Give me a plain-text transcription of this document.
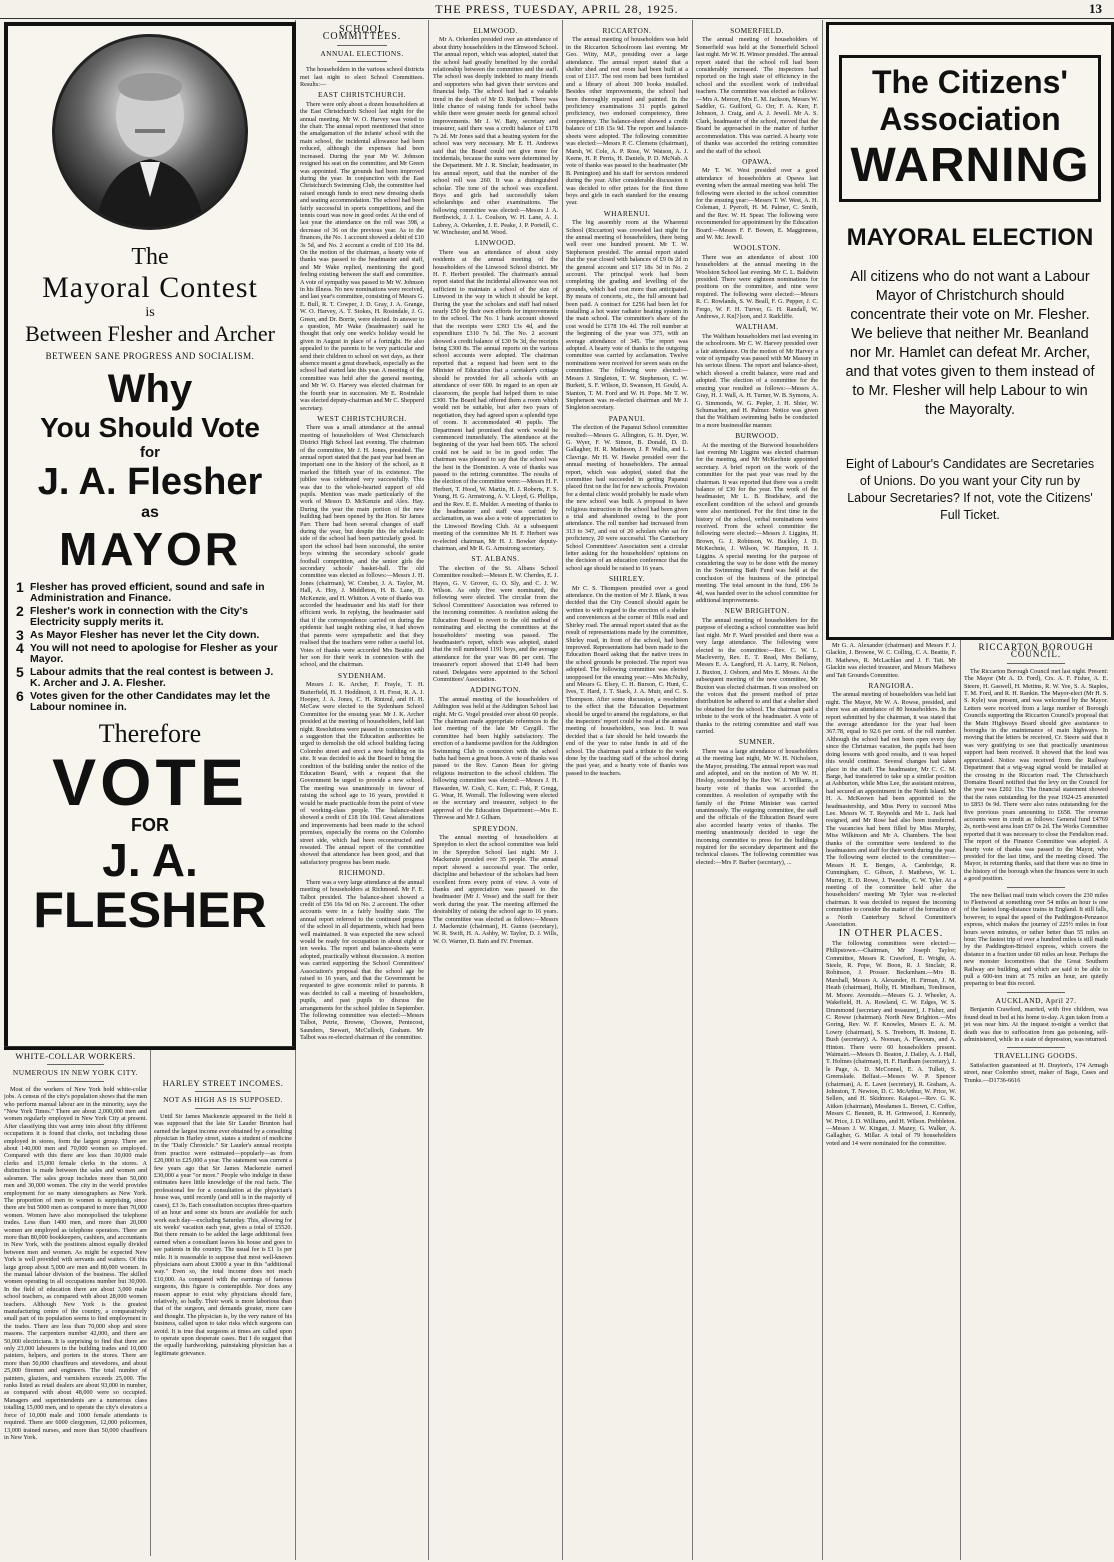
THE PRESS, TUESDAY, APRIL 28, 1925.	13
The
Mayoral Contest
is
Between Flesher and Archer
BETWEEN SANE PROGRESS AND SOCIALISM.
Why
You Should Vote
for
J. A. Flesher
as
MAYOR
1 Flesher has proved efficient, sound and safe in Administration and Finance.
2 Flesher's work in connection with the City's Electricity supply merits it.
3 As Mayor Flesher has never let the City down.
4 You will not need to apologise for Flesher as your Mayor.
5 Labour admits that the real contest is between J. K. Archer and J. A. Flesher.
6 Votes given for the other Candidates may let the Labour nominee in.
Therefore
VOTE
FOR
J. A.
FLESHER
The Citizens'
Association
WARNING
MAYORAL ELECTION
All citizens who do not want a Labour Mayor of Christchurch should concentrate their vote on Mr. Flesher. We believe that neither Mr. Beanland nor Mr. Hamlet can defeat Mr. Archer, and that votes given to them instead of to Mr. Flesher will help Labour to win the Mayoralty.
Eight of Labour's Candidates are Secretaries of Unions. Do you want your City run by Labour Secretaries? If not, vote the Citizens' Full Ticket.
SCHOOL COMMITTEES.
ANNUAL ELECTIONS.

The householders in the various school districts met last night to elect School Committees. Results:—

EAST CHRISTCHURCH.

There were only about a dozen householders at the East Christchurch School last night for the annual meeting. Mr W. O. Harvey was voted to the chair. The annual report mentioned that since the amalgamation of the infants' school with the main school, the incidental allowance had been reduced, although the expenses had been increased. During the year Mr W. Johnson resigned his seat on the committee, and Mr Green was appointed. The grounds had been improved during the year. In conjunction with the East Christchurch Swimming Club, the committee had raised enough funds to erect new dressing sheds and seating accommodation. The school had been fairly successful in sports competitions, and the tennis court was now in good order. At the end of last year the attendance on the roll was 398, a decrease of 36 on the previous year. As to the finances, the No. 1 account showed a debit of £10 3s 5d, and No. 2 account a credit of £10 16s 8d. On the motion of the chairman, a hearty vote of thanks was passed to the headmaster and staff, and Mr Wake replied, mentioning the good feeling existing between the staff and committee. A vote of sympathy was passed to Mr W. Johnson in his illness. No new nominations were received, and last year's committee, consisting of Messrs G. E. Bull, R. T. Cowper, J. D. Gray, J. A. Grange, W. O. Harvey, A. T. Stokes, H. Rosindale, J. G. Green, and Dr. Borrie, were elected. In answer to a question, Mr Wake (headmaster) said he thought that only one week's holiday would be given in August in place of a fortnight. He also appealed to the parents to be very particular and send their children to school on wet days, as their absence meant a great drawback, especially as the school had started late this year. A meeting of the committee was held after the general meeting, and Mr W. O. Harvey was elected chairman for the fourth year in succession. Mr E. Rosindale was elected deputy-chairman and Mr C. Shepperd secretary.

WEST CHRISTCHURCH.

There was a small attendance at the annual meeting of householders of West Christchurch District High School last evening. The chairman of the committee, Mr J. H. Jones, presided. The annual report stated that the past year had been an important one in the history of the school, as it marked the fiftieth year of its existence. The jubilee was celebrated very successfully. This was due to the whole-hearted support of old pupils. Mention was made particularly of the work of Messrs D. McKenzie and Alex. Hay. During the year the main portion of the new building had been opened by the Hon. Sir James Parr. There had been several changes of staff during the year, but despite this the scholastic side of the school had been particularly good. In sport the school had been successful, the senior boys winning the secondary schools' grade football competition, and the senior girls the secondary schools' basket-ball. The old committee was elected as follows:—Messrs J. H. Jones (chairman), W. Comber, J. A. Taylor, M. Hall, A. Hoy, J. Middleton, H. B. Lane, D. McKenzie, and H. Whitton. A vote of thanks was accorded the headmaster and his staff for their efficient work. In replying, the headmaster said that if the correspondence carried on during the epidemic had taught nothing else, it had shown that parents were sympathetic and that they realised that the teachers were rather a useful lot. Votes of thanks were accorded Mrs Beattie and her son for their work in connexion with the school, and the chairman.

SYDENHAM.

Messrs J. K. Archer, F. Frayle, T. H. Butterfield, H. J. Hoddinott, J. H. Frost, R. A. J. Hooper, J. A. Jones, C. H. Rintoul, and H. H. McCaw were elected to the Sydenham School Committee for the ensuing year. Mr J. K. Archer presided at the meeting of householders, held last night. Resolutions were passed in connexion with a suggestion that the Education authorities be urged to demolish the old school building facing Colombo street and erect a new building on its site. It was decided to ask the Board to bring the condition of the building under the notice of the Education Board, with a request that the Government be urged to provide a new school. The meeting was unanimously in favour of raising the school age to 16 years, provided it would be made practicable from the point of view of working-class people. The balance-sheet showed a credit of £18 10s 10d. Great alterations and improvements had been made to the school premises, especially the rooms on the Colombo street side, which had been reconstructed and reseated. The annual report of the committee showed that attendance has been good, and that satisfactory progress has been made.

RICHMOND.

There was a very large attendance at the annual meeting of householders at Richmond. Mr F. E. Talbot presided. The balance-sheet showed a credit of £56 16s 9d on No. 2 account. The other accounts were in a fairly healthy state. The annual report referred to the continued progress of the school in all departments, which had been well maintained. It was expected the new school would be ready for occupation in about eight or ten weeks. The report and balance-sheets were adopted, practically without discussion. A motion was carried supporting the School Committees' Association's proposal that the school age be raised to 16 years, and that the Government be requested to give economic relief to parents. It was decided to call a meeting of householders, pupils, and past pupils to discuss the arrangements for the school jubilee in September. The following committee was elected:—Messrs Talbot, Petrie, Browne, Chowen, Pentecost, Saunders, Stewart, McCulloch, Graham. Mr Talbot was re-elected chairman of the committee.

ELMWOOD.

Mr A. Orkerden presided over an attendance of about thirty householders in the Elmwood School. The annual report, which was adopted, stated that the school had greatly benefited by the cordial relationship between the committee and the staff. The school was deeply indebted to many friends and supporters who had given their services and financial help. The school had had a valuable trend in the death of Mr D. Redpath. There was little chance of raising funds for school baths while there were greater needs for general school improvements. Mr J. W. Baty, secretary and treasurer, said there was a credit balance of £178 7s 2d. Mr Jones said that a heating system for the school was very necessary. Mr E. H. Andrews said that the Board could not give more for incidentals, because the sums were determined by the Department. Mr J. R. Sinclair, headmaster, in his annual report, said that the number of the school roll was 260. It was a distinguished scholar. The tone of the school was excellent. Boys and girls had successfully taken scholarships and other examinations. The following committee was elected:—Messrs J. A. Borthwick, J. J. L. Coulson, W. H. Lane, A. J. Lubrey, A. Orkerden, J. E. Peake, J. P. Porteill, C. W. Winchester, and M. Wood.

LINWOOD.

There was an attendance of about sixty residents at the annual meeting of the householders of the Linwood School district. Mr H. F. Herbert presided. The chairman's annual report stated that the incidental allowance was not sufficient to maintain a school of the size of Linwood in the way in which it should be kept. During the year the scholars and staff had raised nearly £50 by their own efforts for improvements to the school. The No. 1 bank account showed that the receipts were £393 13s 4d, and the expenditure £310 7s 5d. The No. 2 account showed a credit balance of £30 9s 3d, the receipts being £300 8s. The annual reports on the various school accounts were adopted. The chairman reported that a request had been sent to the Minister of Education that a caretaker's cottage should be provided for all schools with an attendance of over 600. In regard to an open air classroom, the people had helped them to raise £300. The Board had offered them a room which would not be suitable, but after two years of negotiation, they had agreed upon a splendid type of room. It accommodated 40 pupils. The Department had promised that work would be commenced immediately. The attendance at the beginning of the year had been 605. The school could not be said to be in good order. The chairman was pleased to say that the school was the best in the Dominion. A vote of thanks was passed to the retiring committee. The results of the election of the committee were:—Messrs H. F. Herbert, T. Hood, W. Martin, H. J. Roberts, F. S. Young, H. G. Armstrong, A. V. Lloyd, G. Phillips, and the Rev. E. E. Mulder. A meeting of thanks to the headmaster and staff was carried by acclamation, as was also a vote of appreciation to the Linwood Bowling Club. At a subsequent meeting of the committee Mr H. F. Herbert was re-elected chairman, Mr H. J. Bowker deputy-chairman, and Mr R. G. Armstrong secretary.

ST. ALBANS.

The election of the St. Albans School Committee resulted:—Messrs E. W. Cherdes, E. J. Hayes, G. V. Grover, G. O. Sly, and C. J. W. Wilson. As only five were nominated, the following were elected. The circular from the School Committees' Association was referred to the incoming committee. A resolution asking the Education Board to revert to the old method of nominating and electing the committees at the householders' meeting was passed. The headmaster's report, which was adopted, stated that the roll numbered 1191 boys, and the average attendance for the year was 86 per cent. The treasurer's report showed that £149 had been raised. Delegates were appointed to the School Committees' Association.

ADDINGTON.

The annual meeting of the householders of Addington was held at the Addington School last night. Mr G. Vogel presided over about 60 people. The chairman made appropriate references to the last meeting of the late Mr Caygill. The committee had been highly satisfactory. The erection of a handsome pavilion for the Addington Swimming Club in connexion with the school baths had been a great boon. A vote of thanks was passed to the Rev. Canon Bean for giving religious instruction to the school children. The following committee was elected:—Messrs J. H. Hawarden, W. Cosh, C. Kerr, C. Fisk, P. Gregg, G. Wear, H. Worrall. The following were elected as the secretary and treasurer, subject to the approval of the Education Department:—Mrs E. Throwse and Mr J. Gilham.

SPREYDON.

The annual meeting of householders at Spreydon to elect the school committee was held in the Spreydon School last night. Mr J. Mackenzie presided over 35 people. The annual report showed a successful year. The order, discipline and behaviour of the scholars had been excellent from every point of view. A vote of thanks and appreciation was passed to the headmaster (Mr J. Vosse) and the staff for their work during the year. The meeting affirmed the desirability of raising the school age to 16 years. The committee was elected as follows:—Messrs J. Mackenzie (chairman), H. Gunns (secretary), W. R. Swift, H. A. Ashby, W. Taylor, D. J. Wills, W. O. Warner, D. Bain and IV. Freeman.

RICCARTON.

The annual meeting of householders was held in the Riccarton Schoolroom last evening. Mr Geo. Witty, M.P., presiding over a large attendance. The annual report stated that a shelter shed and rest room had been built at a cost of £117. The rest room had been furnished and a library of about 300 books installed. Besides other improvements, the school had been thoroughly repaired and painted. In the proficiency examinations 31 pupils gained proficiency, two endorsed competency, three competency. The balance-sheet showed a credit balance of £18 15s 9d. The report and balance-sheets were adopted. The following committee was elected:—Messrs P. C. Clemens (chairman), Marsh, W. Cole, A. P. Rose, W. Watson, A. J. Keene, H. P. Perris, H. Daniels, P. D. McNab. A vote of thanks was passed to the headmaster (Mr B. Penington) and his staff for services rendered during the year. After considerable discussion it was decided to offer prizes for the first three boys and girls in each standard for the ensuing year.

WHARENUI.

The big assembly room at the Wharenui School (Riccarton) was crowded last night for the annual meeting of householders, there being well over one hundred present. Mr T. W. Stephenson presided. The annual report stated that the year closed with balances of £9 0s 2d in the general account and £17 18s 3d in No. 2 account. The principal work had been completing the grading and levelling of the grounds, which had cost more than anticipated. By means of concerts, etc., the full amount had been paid. A contract for £256 had been let for installing a hot water radiator heating system in the main school. The committee's share of the cost would be £178 10s 4d. The roll number at the beginning of the year was 375, with an average attendance of 345. The report was adopted. A hearty vote of thanks to the outgoing committee was carried by acclamation. Twelve nominations were received for seven seats on the committee. The following were elected:—Messrs J. Singleton, T. W. Stephenson, C. W. Burkett, S. F. Wilson, D. Swanson, H. Gould, A. Stanton, T. M. Ford and W. H. Pope. Mr T. W. Stephenson was re-elected chairman and Mr J. Singleton secretary.

PAPANUI.

The election of the Papanui School committee resulted:—Messrs G. Allington, G. H. Dyer, W. G. Wyer, F. W. Simon, B. Donald, D. D. Gallagher, H. R. Matheson, J. P. Wallis, and L. Clavrige. Mr H. W. Hawke presided over the annual meeting of householders. The annual report, which was adopted, stated that the committee had succeeded in getting Papanui placed first on the list for new schools. Provision for a dental clinic would probably be made when the new school was built. A proposal to have religious instruction in the school had been given a trial and abandoned owing to the poor attendance. The roll number had increased from 313 to 347, and out of 20 scholars who sat for proficiency, 20 were successful. The Canterbury School Committees' Association sent a circular letter asking for the householders' opinions on the decision of an education conference that the school age should be raised to 16 years.

SHIRLEY.

Mr C. S. Thompson presided over a good attendance. On the motion of Mr J. Blank, it was decided that the City Council should again be written to with regard to the erection of a shelter and conveniences at the corner of Hills road and Shirley road. The annual report stated that as the result of representations made by the committee, Shirley road, in front of the school, had been improved. Representations had been made to the Education Board asking that the native trees in the school grounds be protected. The report was adopted. The following committee was elected unopposed for the ensuing year:—Mrs McNulty, and Messrs G. Elsey, C. H. Burson, C. Hunt, C. Ives, T. Hard, J. T. Stack, J. A. Muir, and C. S. Thompson. After some discussion, a resolution to the effect that the Education Department should be urged to amend the regulations, so that the inspectors' report could be read at the annual meeting of householders, was lost. It was decided that a fair should be held towards the end of the year to raise funds in aid of the school. The chairman paid a tribute to the work done by the teaching staff of the school during the past year, and a hearty vote of thanks was passed to the teachers.

SOMERFIELD.

The annual meeting of householders of Somerfield was held at the Somerfield School last night. Mr W. H. Winsor presided. The annual report stated that the school roll had been considerably increased. The inspectors had reported on the high state of efficiency in the school and the excellent work of individual teachers. The committee was elected as follows:—Mrs A. Mercer, Mrs E. M. Jackson, Messrs W. Saddler, G. Guilford, G. Orr, F. A. Kerr, F. Johnson, J. Craig, and A. J. Jewell. Mr A. S. Clark, headmaster of the school, moved that the Board be approached in the matter of further accommodation. This was carried. A hearty vote of thanks was accorded the retiring committee and the staff of the school.

OPAWA.

Mr T. W. West presided over a good attendance of householders at Opawa last evening when the annual meeting was held. The following were elected to the school committee for the ensuing year:—Messrs T. W. West, A. H. Coleman, J. Pyeroft, H. M. Palmer, C. Smith, and the Rev. W. H. Spear. The following were recommended for appointment by the Education Board:—Messrs F. F. Bowen, E. Magginness, and W. Mc. Jewell.

WOOLSTON.

There was an attendance of about 100 householders at the annual meeting in the Woolston School last evening. Mr C. L. Baldwin presided. There were eighteen nominations for positions on the committee, and nine were required. The following were elected:—Messrs R. C. Rowlands, S. W. Beall, F. G. Pepper, J. C. Fergo, W. F. H. Turver, G. H. Randall, W. Andrews, J. Kn[?]son, and J. Radcliffe.

WALTHAM.

The Waltham householders met last evening in the schoolroom. Mr C. W. Harvey presided over a fair attendance. On the motion of Mr Harvey a vote of sympathy was passed with Mr Massey in his serious illness. The report and balance-sheet, which showed a credit balance, were read and adopted. The election of a committee for the ensuing year resulted as follows:—Messrs A. Gray, H. J. Wall, A. H. Turner, W. B. Symons, A. G. Simmonds, W. G. Pepler, J. H. Shier, W. Schumacher, and H. Palmer. Notice was given that the Waltham swimming baths be conducted in a more businesslike manner.

BURWOOD.

At the meeting of the Burwood householders last evening Mr Liggins was elected chairman for the meeting, and Mr McKechnie appointed secretary. A brief report on the work of the committee for the past year was read by the chairman. It was reported that there was a credit balance of £30 for the year. The work of the headmaster, Mr L. B. Bradshaw, and the excellent condition of the school and grounds were also mentioned. For the first time in the history of the school, verbal nominations were received. From the school committee the following were elected:—Messrs J. Liggins, H. Brown, G. J. Robinson, W. Buckley, J. D. McKechnie, J. Wilson, W. Hampton, H. J. Liggins. A special meeting for the purpose of considering the way to be done with the money in the Swimming Bath Fund was held at the conclusion of the business of the principal meeting. The total amount in the fund, £96 3s 4d, was handed over to the school committee for additional improvements.

NEW BRIGHTON.

The annual meeting of householders for the purpose of electing a school committee was held last night. Mr F. Ward presided and there was a very large attendance. The following were elected to the committee:—Rev. C. W. L. Macleverty, Rev. E. T. Read, Mrs Bellamy, Messrs E. A. Langford, H. A. Larry, R. Nelson, J. Buxton, J. Osborn, and Mrs E. Moses. At the subsequent meeting of the new committee, Mr Buxton was elected chairman. It was resolved on the voices that the present method of prize distribution be adhered to and that a shelter shed be obtained for the school. The chairman paid a tribute to the work of the headmaster. A vote of thanks to the retiring committee and staff was carried.

SUMNER.

There was a large attendance of householders at the meeting last night, Mr W. H. Nicholson, the Mayor, presiding. The annual report was read and adopted, and on the motion of Mr W. H. Heslop, seconded by the Rev. W. J. Williams, a hearty vote of thanks was accorded the committee. A resolution of sympathy with the family of the Prime Minister was carried unanimously. The outgoing committee, the staff and the officials of the Education Board were also accorded hearty votes of thanks. The meeting unanimously decided to urge the incoming committee to press for the buildings required for the secondary department and the technical classes. The following committee was elected:—Mrs F. Barber (secretary), ...

Mr G. A. Alexander (chairman) and Messrs F. J. Glackin, J. Browne, W. C. Colling, C. A. Beattie, F. H. Mathews, R. McLachlan and J. F. Tait. Mr Glackin was elected treasurer, and Messrs Mathews and Tait Grounds Committee.

RANGIORA.

The annual meeting of householders was held last night. The Mayor, Mr W. A. Rowse, presided, and there was an attendance of 80 householders. In the report submitted by the chairman, it was stated that the average attendance for the year had been 367.78, equal to 92.6 per cent. of the roll number. Although the school had not been open every day since the Christmas vacation, the pupils had been doing lessons with good results, and it was hoped this would continue. Several changes had taken place in the staff. The headmaster, Mr C. C. M. Barge, had transferred to take up a similar position at Ashburton, while Miss Lee, the assistant mistress, had secured an appointment in the North Island. Mr H. A. McKeown had been appointed to the headmastership, and Miss Perry to succeed Miss Lee. Messrs W. T. Reynolds and Mr L. Jack had resigned, and Mr Rose had also been transferred. The vacancies had been filled by Miss Murphy, Miss Wilkinson and Mr A. Chambers. The best thanks of the committee were tendered to the headmasters and staff for their work during the year. The following were elected to the committee:—Messrs H. E. Benges, A. Cambridge, R. Cunningham, C. Gibson, J. Matthews, W. L. Murray, E. D. Rowe, J. Tweedie, C. W. Tyler. At a meeting of the committee held after the householders' meeting Mr Tyler was re-elected chairman. It was decided to request the incoming committee to consider the matter of the formation of a North Canterbury School Committee's Association.

IN OTHER PLACES.

The following committees were elected:— Philipstown.—Chairman, Mr Joseph Taylor; Committee, Messrs R. Crawford, E. Wright, A. Steele, R. Pope, W. Boon, R. J. Sinclair, R. Robinson, J. Prosser. Beckenham.—Mrs B. Marshall, Messrs A. Alexander, H. Firman, J. M. Heath (chairman), Holly, H. Mindham, Tomlinson, M. Moore. Avonside.—Messrs G. J. Wheeler, A. Wakefield, H. A. Rowland, C. W. Edges, W. S. Drummond (secretary and treasurer), J. Fisher, and C. Rowse (chairman). North New Brighton.—Mrs Goring, Rev. W. F. Knowles, Messrs E. A. M. Lowry (chairman), S. S. Treeborn, H. Instone, E. Bush (secretary). A. Noonan, A. Flavours, and A. Hinton. There were 60 householders present. Waimairi.—Messrs D. Beaton, J. Dailey, A. J. Hall, T. Holmes (chairman), H. F. Hardham (secretary), J. le Page, A. D. McConnel, E. A. Tullett, S. Greenslade. Belfast.—Messrs W. P. Spencer (chairman), A. E. Lawn (secretary), R. Graham, A. Johnston, T. Newton, D. C. McArthur, W. Price, W. Sellers, and H. Skidmore. Kaiapoi.—Rev. G. K. Aitken (chairman), Mesdames L. Brown, C. Coffee, Messrs C. Bennett, R. H. Grimwood, J. Kennedy, W. Price, J. D. Williams, and H. Wilson. Prebbleton.—Messrs J. W. Kingan, J. Mazey, G. Walker, A. Gallagher, G. Millar. A total of 79 householders voted and 14 were nominated for the committee.

RICCARTON BOROUGH COUNCIL.

The Riccarton Borough Council met last night. Present: The Mayor (Mr A. D. Ford), Crs. A. F. Fisher, A. E. Steere, H. Gaswell, H. Mettins, R. W. Yee, S. A. Staples, T. M. Ford, and R. H. Rankin. The Mayor-elect (Mr H. S. S. Kyle) was present, and was welcomed by the Mayor. Letters were received from a large number of Borough Councils supporting the Riccarton Council's proposal that the Main Highways Board should give assistance to boroughs in the maintenance of main highways. In moving that the letters be received, Cr. Steere said that it was very gratifying to see that practically unanimous support had been received. It showed that the lead was appreciated. Notice was received from the Railway Department that a wig-wag signal would be installed at the crossing in the Riccarton road. The Christchurch Domains Board notified that the levy on the Council for the year was £202 11s. The financial statement showed that the rates outstanding for the year 1924-25 amounted to £853 0s 9d. There were also rates outstanding for the five previous years amounting to £658. The revenue accounts were in credit as follows: General fund £4769 2s, north-west area loan £67 0s 2d. The Works Committee reported that it was necessary to close the Fendalton road. The report of the Finance Committee was adopted. A hearty vote of thanks was passed to the Mayor, who presided for the last time, and the meeting closed. The Mayor, in returning thanks, said that there was no time in the history of the borough when the finances were in such a good position.

The new Belfast mail train which covers the 230 miles to Fleetwood at something over 54 miles an hour is one of the fastest long-distance trains in England. It still falls, however, to equal the speed of the Paddington-Penzance express, which makes the journey of 225½ miles in four hours seven minutes, or rather better than 55 miles an hour. The fastest trip of over a hundred miles is still made by the Paddington-Bristol express, which covers the distance in a fraction under 60 miles an hour. Perhaps the new monster locomotives that the Great Southern Railway are building, and which are said to be able to pull a 600-ton train at 75 miles an hour, are quietly preparing to beat this record.

AUCKLAND, April 27.

Benjamin Crawford, married, with five children, was found dead in bed at his home to-day. A gun taken from a jet was near him. At the inquest to-night a verdict that death was due to suffocation from gas poisoning, self-administered, while in a state of depression, was returned.

TRAVELLING GOODS.

Satisfaction guaranteed at H. Drayton's, 174 Armagh street, near Colombo street, maker of Bags, Cases and Trunks.—D1736-6616

WHITE-COLLAR WORKERS.
NUMEROUS IN NEW YORK CITY.

Most of the workers of New York hold white-collar jobs. A census of the city's population shows that the men who perform manual labour are in the minority, says the "New York Times." There are about 2,000,000 men and women regularly employed in New York City at present. After classifying this vast army into about fifty different occupations it is found that clerks, not including those employed in stores, form the largest group. There are about 140,000 men and 70,000 women so employed. Compared with this there are less than 30,000 male clerks and 15,000 female clerks in the stores. A distinction is made between the sales and women and salesmen. The sales group includes more than 50,000 men and 30,000 women. The city in the world provides employment for so many stenographers as New York. The proportion of men to women is surprising, since there are but 5000 men as compared to more than 70,000 women. Women have also monopolised the telephone trades. Less than 1400 men, and more than 20,000 women are employed as telephone operators. There are more than 80,000 bookkeepers, cashiers, and accountants in New York, with the positions almost equally divided between men and women. As might be expected New York is well provided with servants and waiters. Of this large group about 5,000 are men and 80,000 women. In the manual labour division of the business. The skilled women operating in all occupations number but 30,000. In the field of education there are about 3,000 male school teachers, as compared with about 28,000 women teachers. Although New York is the greatest manufacturing centre of the country, a comparatively small part of its population seems to find employment in the trades. There are less than 70,000 shop and store masons. The carpenters number 42,000, and there are 50,000 electricians. It is surprising to find that there are only 23,000 labourers in the building trades and 10,000 painters, helpers, and porters in the stores. There are more than 50,000 chauffeurs and stevedores, and about 25,000 firemen and engineers. The total number of painters, glaziers, and varnishers exceeds 25,000. The ranks listed as retail dealers are about 93,000 in number, as compared with about 48,000 were so occupied. Managers and superintendents are a numerous class totalling 15,000 men, and to operate the city's elevators a force of 10,000 male and 1000 female attendants is required. There are 6000 clergymen, 12,000 policemen, 13,000 trained nurses, and more than 50,000 chauffeurs in New York.

HARLEY STREET INCOMES.
NOT AS HIGH AS IS SUPPOSED.

Until Sir James Mackenzie appeared in the field it was supposed that the late Sir Lauder Brunton had earned the largest income ever obtained by a consulting physician in Harley street, states a student of medicine in the "Daily Chronicle." Sir Lauder's annual receipts from practice were estimated—popularly—as from £20,000 to £25,000 a year. The statement was current a few years ago that Sir James Mackenzie earned £30,000 a year "or more." People who indulge in these estimates have little knowledge of the real facts. The professional fee for a consultation at the physician's house was, until recently (and still is in the majority of cases), £3 3s. Each consultation occupies three-quarters of an hour and some six hours are available for such work each day—excluding Saturday. This, allowing for six weeks' vacation each year, gives a total of £5520. But there remain to be added the large additional fees earned when a consultant leaves his house and goes to see patients in the country. The usual fee is £1 1s per mile. It is reasonable to suppose that most well-known physicians earn about £3000 a year in this "additional way." Even so, the total income does not reach £10,000. As compared with the earnings of famous surgeons, this figure is contemptible. Nor does any reason appear to exist why physicians should fare, relatively, so badly. Their work is more laborious than that of the surgeon, and demands greater, more care and thought. The physician is, by the very nature of his business, called upon to take risks which surgeons can avoid. It is true that surgeons at times are called upon to operate upon desperate cases. But I do suggest that the equally hardworking, painstaking physician has a legitimate grievance.
